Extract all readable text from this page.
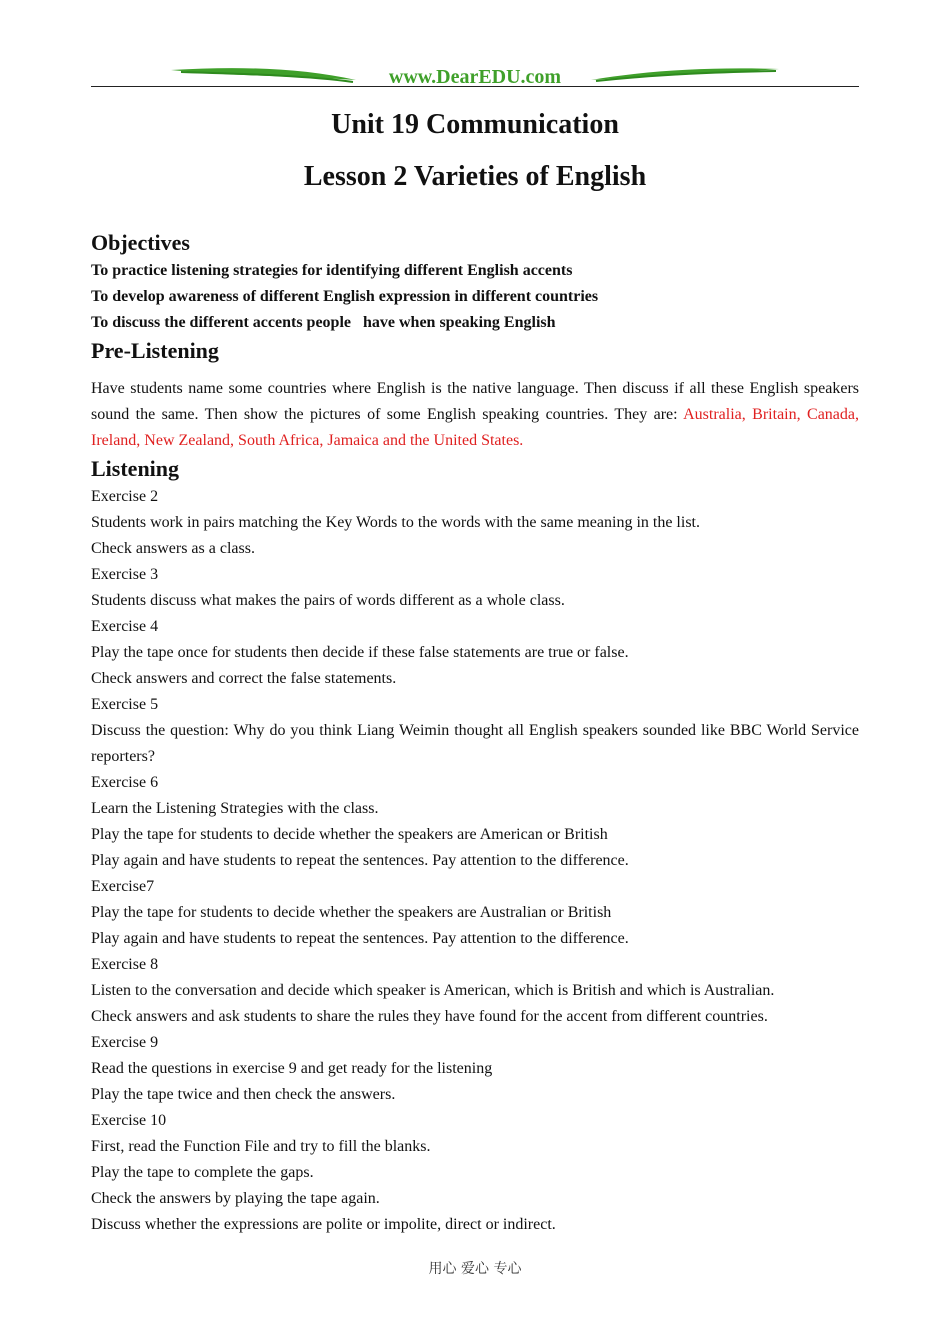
www.DearEDU.com
Unit 19 Communication
Lesson 2 Varieties of English
Objectives

To practice listening strategies for identifying different English accents

To develop awareness of different English expression in different countries

To discuss the different accents people   have when speaking English

Pre-Listening

Have students name some countries where English is the native language. Then discuss if all these English speakers sound the same. Then show the pictures of some English speaking countries. They are: Australia, Britain, Canada, Ireland, New Zealand, South Africa, Jamaica and the United States.

Listening

Exercise 2

Students work in pairs matching the Key Words to the words with the same meaning in the list.

Check answers as a class.

Exercise 3

Students discuss what makes the pairs of words different as a whole class.

Exercise 4

Play the tape once for students then decide if these false statements are true or false.

Check answers and correct the false statements.

Exercise 5

Discuss the question: Why do you think Liang Weimin thought all English speakers sounded like BBC World Service reporters?

Exercise 6

Learn the Listening Strategies with the class.

Play the tape for students to decide whether the speakers are American or British

Play again and have students to repeat the sentences. Pay attention to the difference.

Exercise7

Play the tape for students to decide whether the speakers are Australian or British

Play again and have students to repeat the sentences. Pay attention to the difference.

Exercise 8

Listen to the conversation and decide which speaker is American, which is British and which is Australian.

Check answers and ask students to share the rules they have found for the accent from different countries.

Exercise 9

Read the questions in exercise 9 and get ready for the listening

Play the tape twice and then check the answers.

Exercise 10

First, read the Function File and try to fill the blanks.

Play the tape to complete the gaps.

Check the answers by playing the tape again.

Discuss whether the expressions are polite or impolite, direct or indirect.

用心 爱心 专心
